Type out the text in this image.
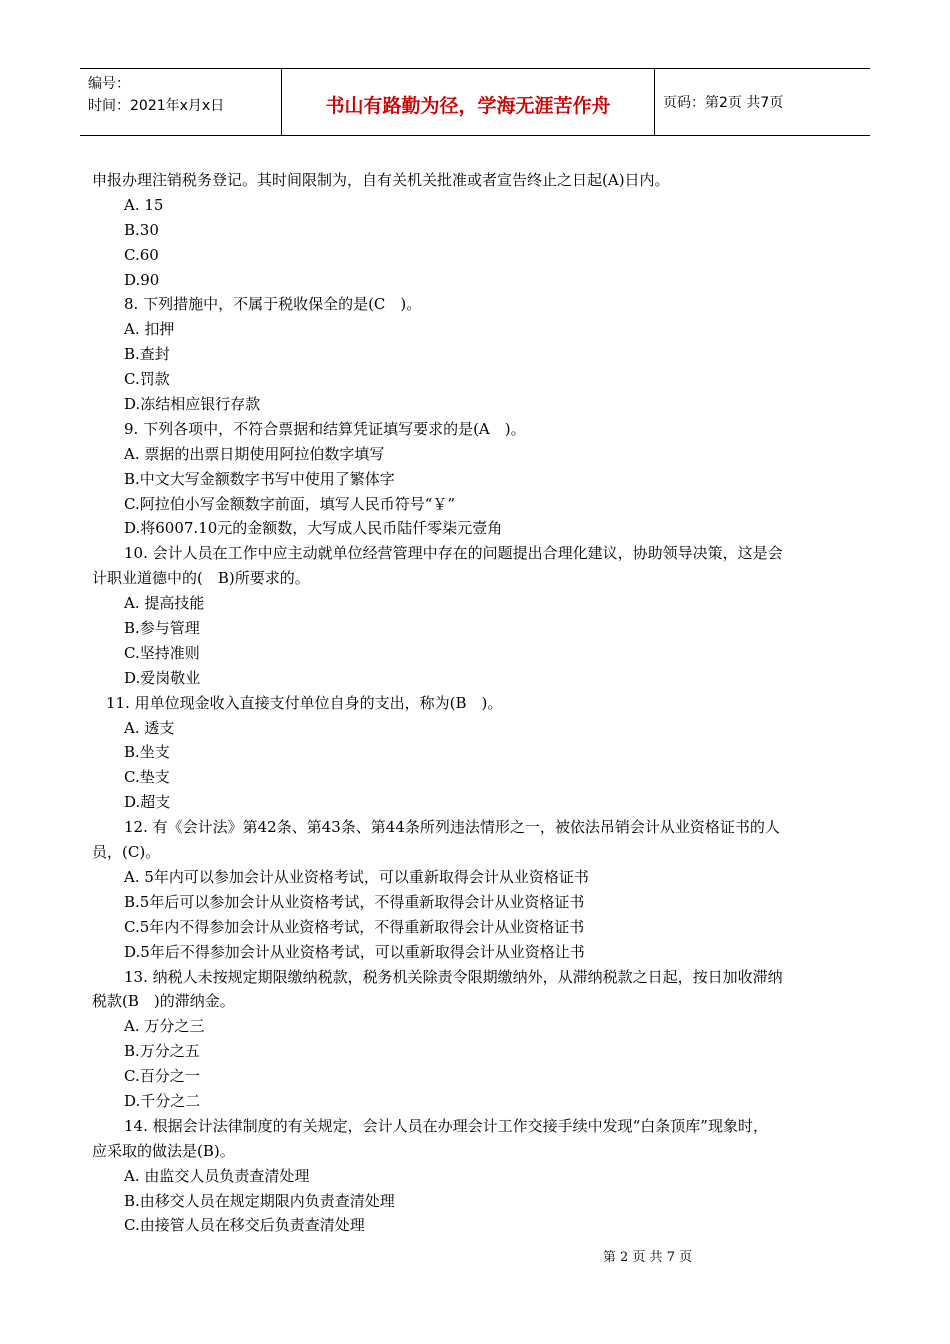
编号：
时间：2021年x月x日	书山有路勤为径，学海无涯苦作舟	页码：第2页 共7页
申报办理注销税务登记。其时间限制为，自有关机关批准或者宣告终止之日起(A)日内。
A. 15
B.30
C.60
D.90
8. 下列措施中，不属于税收保全的是(C　)。
A. 扣押
B.查封
C.罚款
D.冻结相应银行存款
9. 下列各项中，不符合票据和结算凭证填写要求的是(A　)。
A. 票据的出票日期使用阿拉伯数字填写
B.中文大写金额数字书写中使用了繁体字
C.阿拉伯小写金额数字前面，填写人民币符号“￥”
D.将6007.10元的金额数，大写成人民币陆仟零柒元壹角
10. 会计人员在工作中应主动就单位经营管理中存在的问题提出合理化建议，协助领导决策，这是会
计职业道德中的(　B)所要求的。
A. 提高技能
B.参与管理
C.坚持准则
D.爱岗敬业
11. 用单位现金收入直接支付单位自身的支出，称为(B　)。
A. 透支
B.坐支
C.垫支
D.超支
12. 有《会计法》第42条、第43条、第44条所列违法情形之一，被依法吊销会计从业资格证书的人
员，(C)。
A. 5年内可以参加会计从业资格考试，可以重新取得会计从业资格证书
B.5年后可以参加会计从业资格考试，不得重新取得会计从业资格证书
C.5年内不得参加会计从业资格考试，不得重新取得会计从业资格证书
D.5年后不得参加会计从业资格考试，可以重新取得会计从业资格让书
13. 纳税人未按规定期限缴纳税款，税务机关除责令限期缴纳外，从滞纳税款之日起，按日加收滞纳
税款(B　)的滞纳金。
A. 万分之三
B.万分之五
C.百分之一
D.千分之二
14. 根据会计法律制度的有关规定，会计人员在办理会计工作交接手续中发现“白条顶库”现象时，
应采取的做法是(B)。
A. 由监交人员负责查清处理
B.由移交人员在规定期限内负责查清处理
C.由接管人员在移交后负责查清处理
第 2 页 共 7 页
